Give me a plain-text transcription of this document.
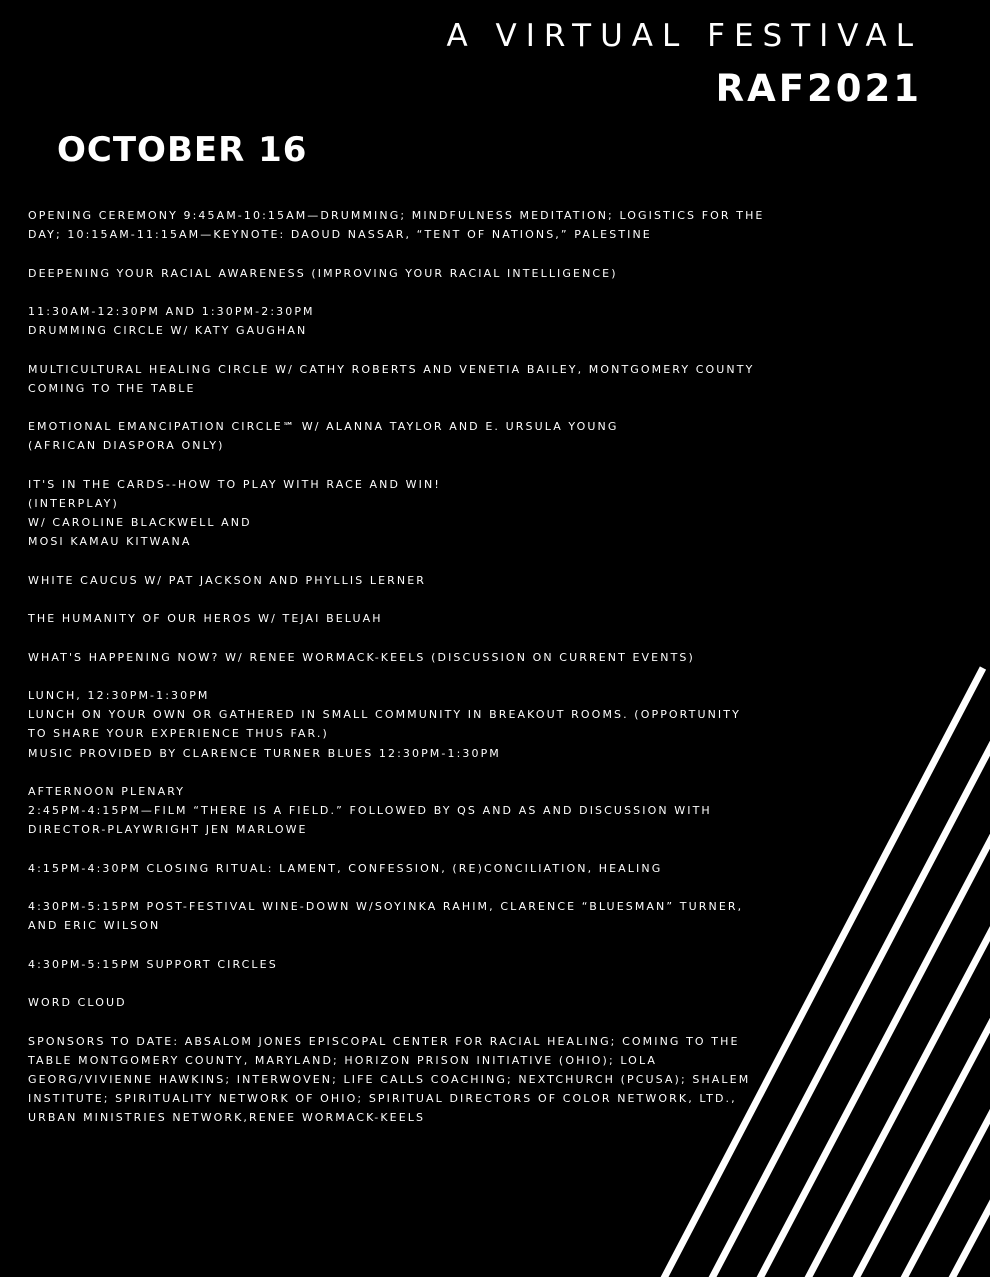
A VIRTUAL FESTIVAL
RAF2021
OCTOBER 16

OPENING CEREMONY 9:45AM-10:15AM—DRUMMING; MINDFULNESS MEDITATION; LOGISTICS FOR THE
DAY; 10:15AM-11:15AM—KEYNOTE: DAOUD NASSAR, “TENT OF NATIONS,” PALESTINE

DEEPENING YOUR RACIAL AWARENESS (IMPROVING YOUR RACIAL INTELLIGENCE)

11:30AM-12:30PM AND 1:30PM-2:30PM
DRUMMING CIRCLE W/ KATY GAUGHAN

MULTICULTURAL HEALING CIRCLE W/ CATHY ROBERTS AND VENETIA BAILEY, MONTGOMERY COUNTY
COMING TO THE TABLE

EMOTIONAL EMANCIPATION CIRCLE℠ W/ ALANNA TAYLOR AND E. URSULA YOUNG
(AFRICAN DIASPORA ONLY)

IT'S IN THE CARDS--HOW TO PLAY WITH RACE AND WIN!
(INTERPLAY)
W/ CAROLINE BLACKWELL AND
MOSI KAMAU KITWANA

WHITE CAUCUS W/ PAT JACKSON AND PHYLLIS LERNER

THE HUMANITY OF OUR HEROS W/ TEJAI BELUAH

WHAT'S HAPPENING NOW? W/ RENEE WORMACK-KEELS (DISCUSSION ON CURRENT EVENTS)

LUNCH, 12:30PM-1:30PM
LUNCH ON YOUR OWN OR GATHERED IN SMALL COMMUNITY IN BREAKOUT ROOMS. (OPPORTUNITY
TO SHARE YOUR EXPERIENCE THUS FAR.)
MUSIC PROVIDED BY CLARENCE TURNER BLUES 12:30PM-1:30PM

AFTERNOON PLENARY
2:45PM-4:15PM—FILM “THERE IS A FIELD.” FOLLOWED BY QS AND AS AND DISCUSSION WITH
DIRECTOR-PLAYWRIGHT JEN MARLOWE

4:15PM-4:30PM CLOSING RITUAL: LAMENT, CONFESSION, (RE)CONCILIATION, HEALING

4:30PM-5:15PM POST-FESTIVAL WINE-DOWN W/SOYINKA RAHIM, CLARENCE “BLUESMAN” TURNER,
AND ERIC WILSON

4:30PM-5:15PM SUPPORT CIRCLES

WORD CLOUD

SPONSORS TO DATE: ABSALOM JONES EPISCOPAL CENTER FOR RACIAL HEALING; COMING TO THE
TABLE MONTGOMERY COUNTY, MARYLAND; HORIZON PRISON INITIATIVE (OHIO); LOLA
GEORG/VIVIENNE HAWKINS; INTERWOVEN; LIFE CALLS COACHING; NEXTCHURCH (PCUSA); SHALEM
INSTITUTE; SPIRITUALITY NETWORK OF OHIO; SPIRITUAL DIRECTORS OF COLOR NETWORK, LTD.,
URBAN MINISTRIES NETWORK,RENEE WORMACK-KEELS
